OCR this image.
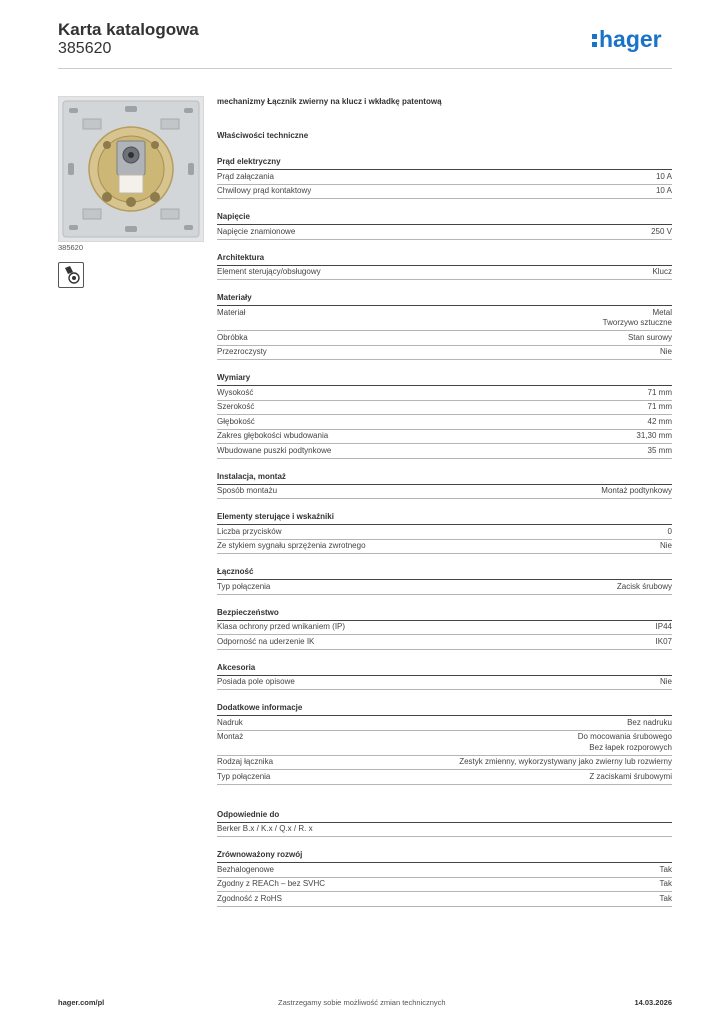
Karta katalogowa
385620	hager
385620
mechanizmy Łącznik zwierny na klucz i wkładkę patentową
Właściwości techniczne
Prąd elektryczny
Prąd załączania	10 A
Chwilowy prąd kontaktowy	10 A
Napięcie
Napięcie znamionowe	250 V
Architektura
Element sterujący/obsługowy	Klucz
Materiały
Materiał	Metal
Tworzywo sztuczne
Obróbka	Stan surowy
Przezroczysty	Nie
Wymiary
Wysokość	71 mm
Szerokość	71 mm
Głębokość	42 mm
Zakres głębokości wbudowania	31,30 mm
Wbudowane puszki podtynkowe	35 mm
Instalacja, montaż
Sposób montażu	Montaż podtynkowy
Elementy sterujące i wskaźniki
Liczba przycisków	0
Ze stykiem sygnału sprzężenia zwrotnego	Nie
Łączność
Typ połączenia	Zacisk śrubowy
Bezpieczeństwo
Klasa ochrony przed wnikaniem (IP)	IP44
Odporność na uderzenie IK	IK07
Akcesoria
Posiada pole opisowe	Nie
Dodatkowe informacje
Nadruk	Bez nadruku
Montaż	Do mocowania śrubowego
Bez łapek rozporowych
Rodzaj łącznika	Zestyk zmienny, wykorzystywany jako zwierny lub rozwierny
Typ połączenia	Z zaciskami śrubowymi
Odpowiednie do
Berker B.x / K.x / Q.x / R. x
Zrównoważony rozwój
Bezhalogenowe	Tak
Zgodny z REACh – bez SVHC	Tak
Zgodność z RoHS	Tak
hager.com/pl	Zastrzegamy sobie możliwość zmian technicznych	14.03.2026
